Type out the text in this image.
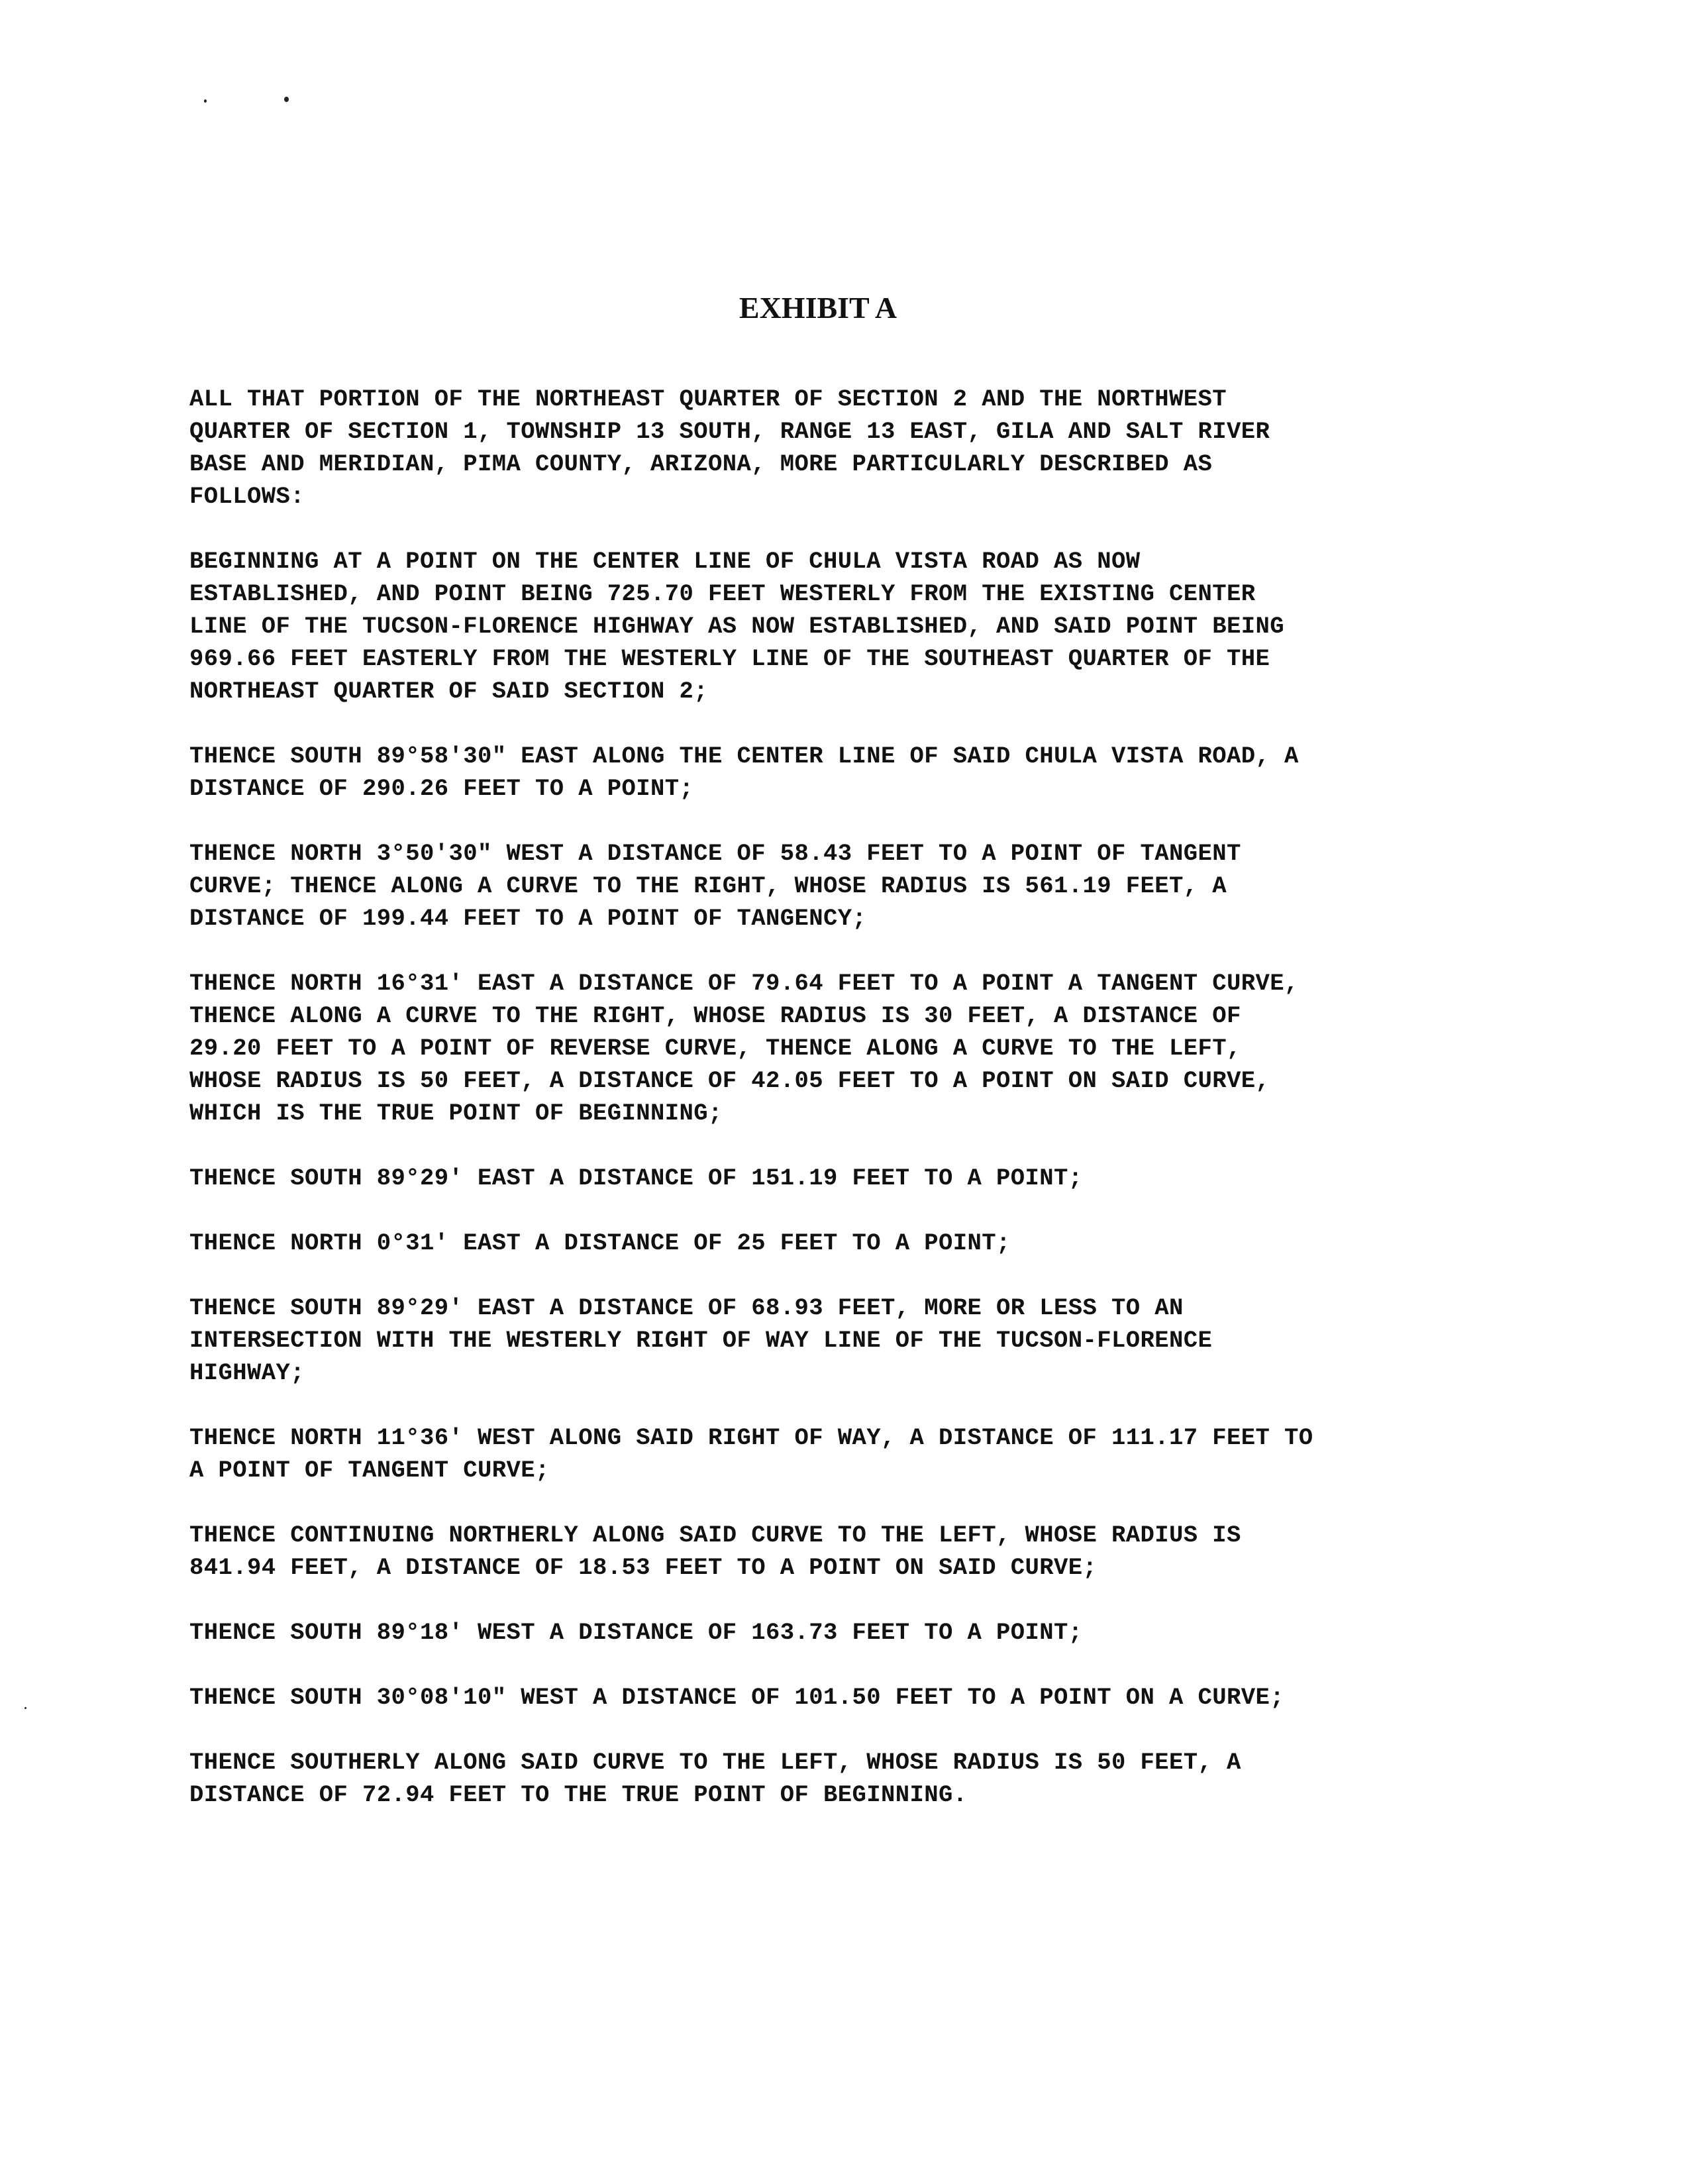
EXHIBIT A

ALL THAT PORTION OF THE NORTHEAST QUARTER OF SECTION 2 AND THE NORTHWEST
QUARTER OF SECTION 1, TOWNSHIP 13 SOUTH, RANGE 13 EAST, GILA AND SALT RIVER
BASE AND MERIDIAN, PIMA COUNTY, ARIZONA, MORE PARTICULARLY DESCRIBED AS
FOLLOWS:

BEGINNING AT A POINT ON THE CENTER LINE OF CHULA VISTA ROAD AS NOW
ESTABLISHED, AND POINT BEING 725.70 FEET WESTERLY FROM THE EXISTING CENTER
LINE OF THE TUCSON-FLORENCE HIGHWAY AS NOW ESTABLISHED, AND SAID POINT BEING
969.66 FEET EASTERLY FROM THE WESTERLY LINE OF THE SOUTHEAST QUARTER OF THE
NORTHEAST QUARTER OF SAID SECTION 2;

THENCE SOUTH 89°58'30" EAST ALONG THE CENTER LINE OF SAID CHULA VISTA ROAD, A
DISTANCE OF 290.26 FEET TO A POINT;

THENCE NORTH 3°50'30" WEST A DISTANCE OF 58.43 FEET TO A POINT OF TANGENT
CURVE; THENCE ALONG A CURVE TO THE RIGHT, WHOSE RADIUS IS 561.19 FEET, A
DISTANCE OF 199.44 FEET TO A POINT OF TANGENCY;

THENCE NORTH 16°31' EAST A DISTANCE OF 79.64 FEET TO A POINT A TANGENT CURVE,
THENCE ALONG A CURVE TO THE RIGHT, WHOSE RADIUS IS 30 FEET, A DISTANCE OF
29.20 FEET TO A POINT OF REVERSE CURVE, THENCE ALONG A CURVE TO THE LEFT,
WHOSE RADIUS IS 50 FEET, A DISTANCE OF 42.05 FEET TO A POINT ON SAID CURVE,
WHICH IS THE TRUE POINT OF BEGINNING;

THENCE SOUTH 89°29' EAST A DISTANCE OF 151.19 FEET TO A POINT;

THENCE NORTH 0°31' EAST A DISTANCE OF 25 FEET TO A POINT;

THENCE SOUTH 89°29' EAST A DISTANCE OF 68.93 FEET, MORE OR LESS TO AN
INTERSECTION WITH THE WESTERLY RIGHT OF WAY LINE OF THE TUCSON-FLORENCE
HIGHWAY;

THENCE NORTH 11°36' WEST ALONG SAID RIGHT OF WAY, A DISTANCE OF 111.17 FEET TO
A POINT OF TANGENT CURVE;

THENCE CONTINUING NORTHERLY ALONG SAID CURVE TO THE LEFT, WHOSE RADIUS IS
841.94 FEET, A DISTANCE OF 18.53 FEET TO A POINT ON SAID CURVE;

THENCE SOUTH 89°18' WEST A DISTANCE OF 163.73 FEET TO A POINT;

THENCE SOUTH 30°08'10" WEST A DISTANCE OF 101.50 FEET TO A POINT ON A CURVE;

THENCE SOUTHERLY ALONG SAID CURVE TO THE LEFT, WHOSE RADIUS IS 50 FEET, A
DISTANCE OF 72.94 FEET TO THE TRUE POINT OF BEGINNING.
